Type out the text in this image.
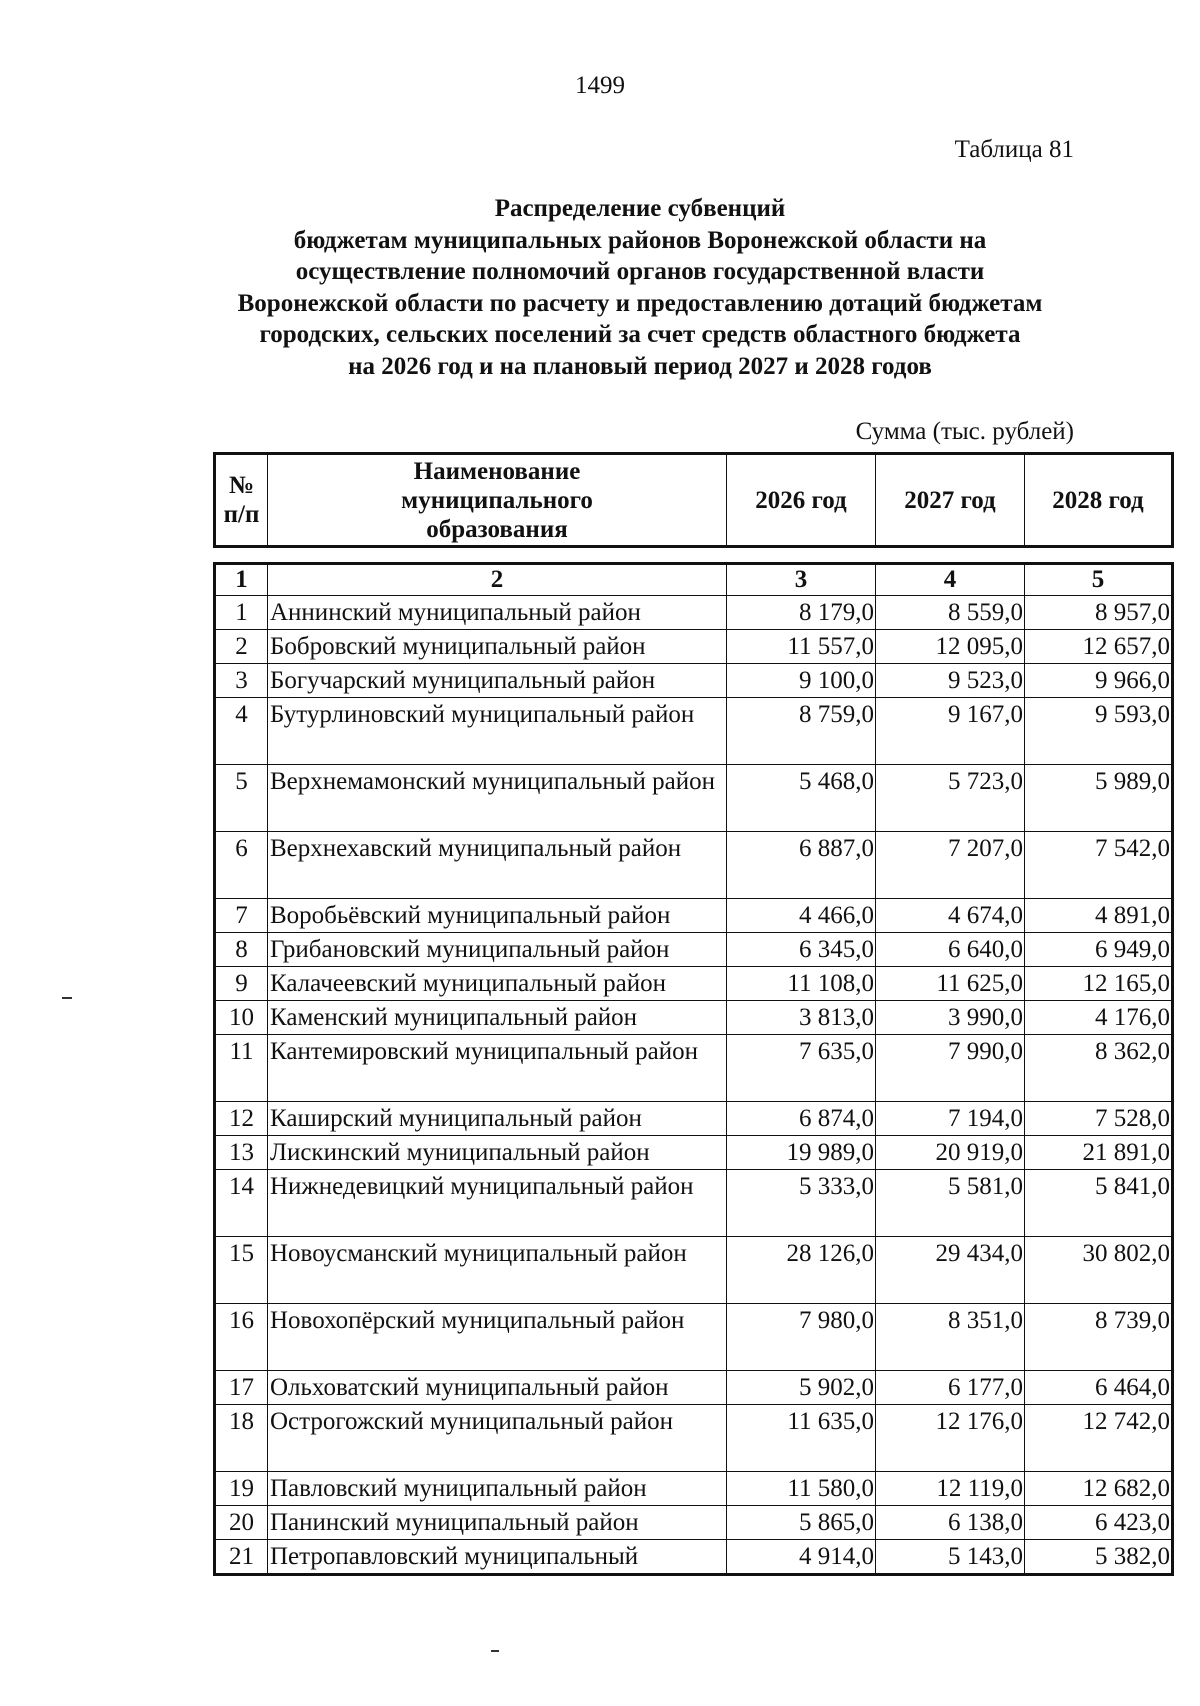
1499
Таблица 81
Распределение субвенций
бюджетам муниципальных районов Воронежской области на
осуществление полномочий органов государственной власти
Воронежской области по расчету и предоставлению дотаций бюджетам
городских, сельских поселений за счет средств областного бюджета
на 2026 год и на плановый период 2027 и 2028 годов
Сумма (тыс. рублей)
№
п/п	Наименование муниципального образования	2026 год	2027 год	2028 год
1	2	3	4	5
1	Аннинский муниципальный район	8 179,0	8 559,0	8 957,0
2	Бобровский муниципальный район	11 557,0	12 095,0	12 657,0
3	Богучарский муниципальный район	9 100,0	9 523,0	9 966,0
4	Бутурлиновский муниципальный район	8 759,0	9 167,0	9 593,0
5	Верхнемамонский муниципальный район	5 468,0	5 723,0	5 989,0
6	Верхнехавский муниципальный район	6 887,0	7 207,0	7 542,0
7	Воробьёвский муниципальный район	4 466,0	4 674,0	4 891,0
8	Грибановский муниципальный район	6 345,0	6 640,0	6 949,0
9	Калачеевский муниципальный район	11 108,0	11 625,0	12 165,0
10	Каменский муниципальный район	3 813,0	3 990,0	4 176,0
11	Кантемировский муниципальный район	7 635,0	7 990,0	8 362,0
12	Каширский муниципальный район	6 874,0	7 194,0	7 528,0
13	Лискинский муниципальный район	19 989,0	20 919,0	21 891,0
14	Нижнедевицкий муниципальный район	5 333,0	5 581,0	5 841,0
15	Новоусманский муниципальный район	28 126,0	29 434,0	30 802,0
16	Новохопёрский муниципальный район	7 980,0	8 351,0	8 739,0
17	Ольховатский муниципальный район	5 902,0	6 177,0	6 464,0
18	Острогожский муниципальный район	11 635,0	12 176,0	12 742,0
19	Павловский муниципальный район	11 580,0	12 119,0	12 682,0
20	Панинский муниципальный район	5 865,0	6 138,0	6 423,0
21	Петропавловский муниципальный	4 914,0	5 143,0	5 382,0
